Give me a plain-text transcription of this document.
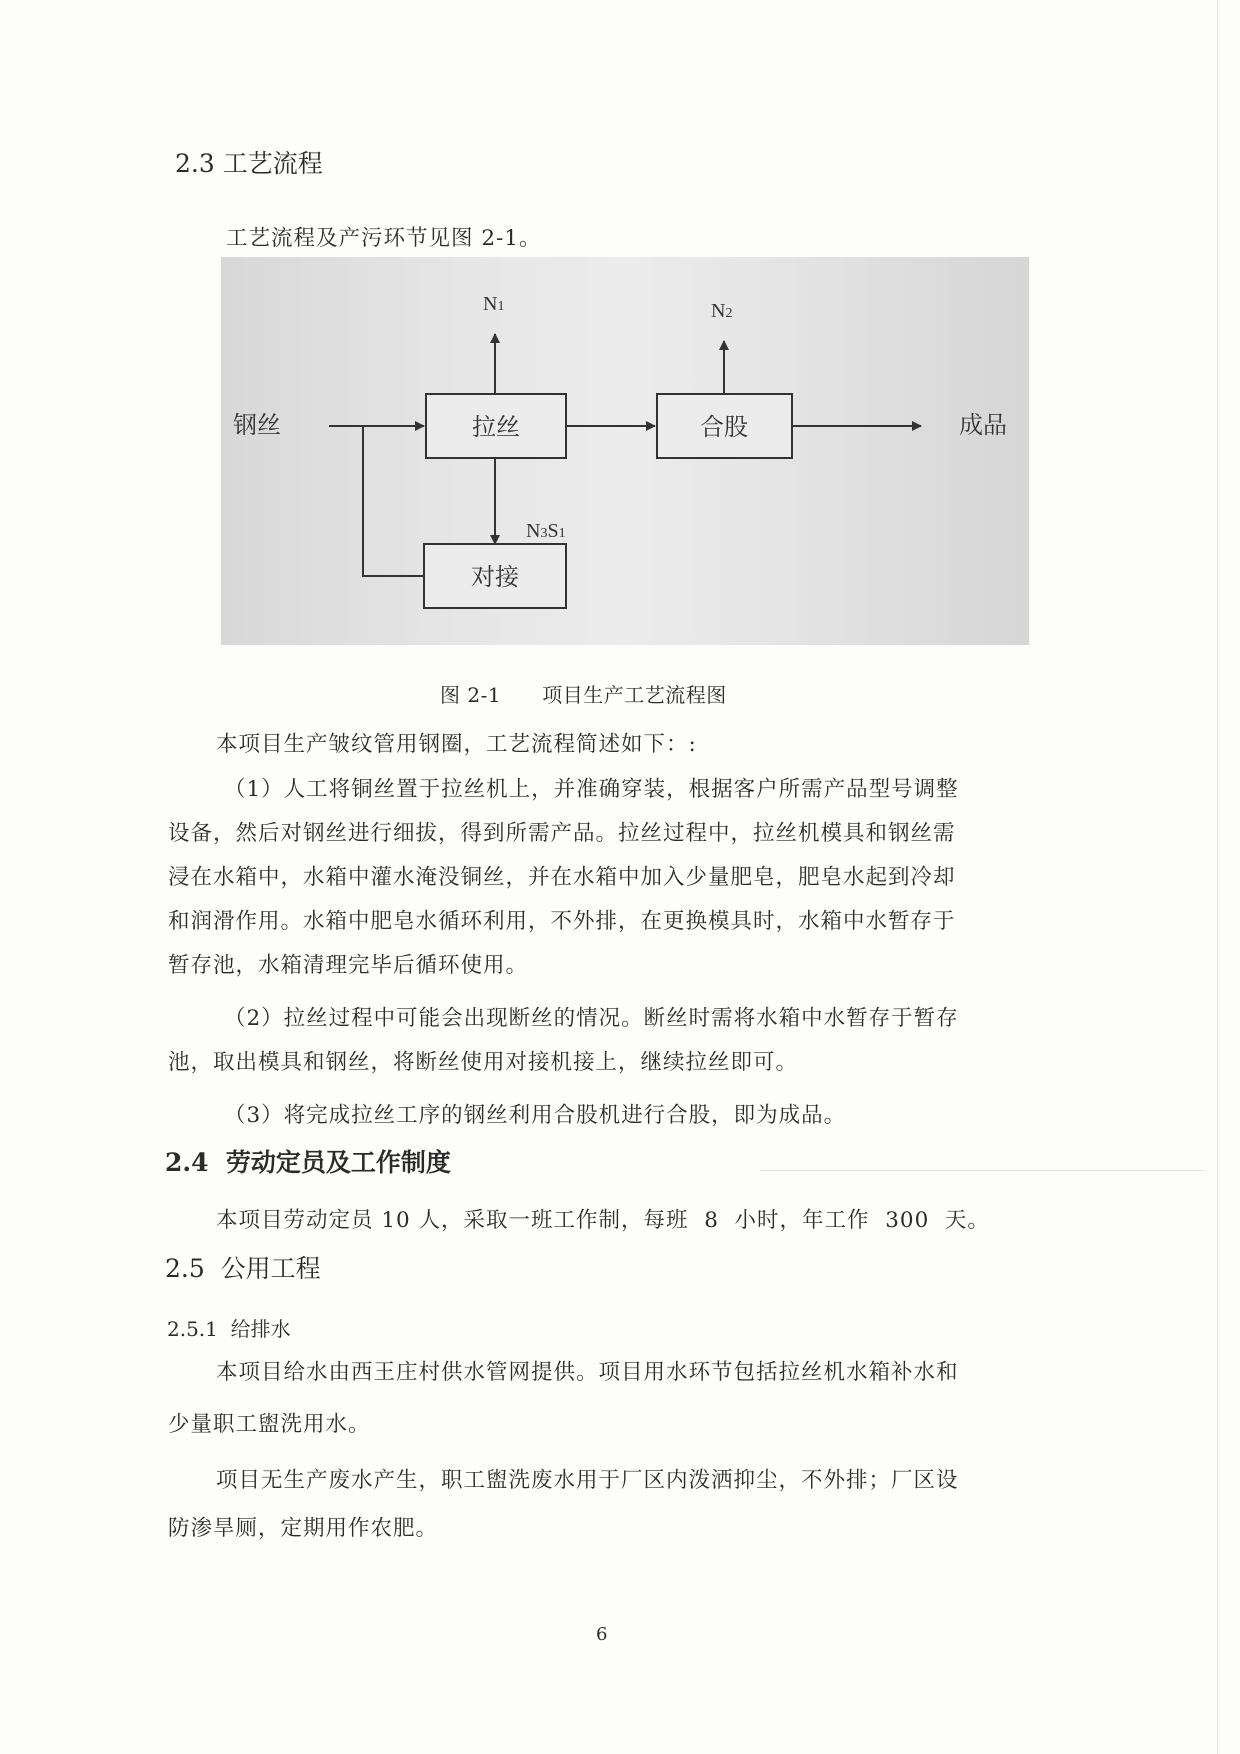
2.3 工艺流程
工艺流程及产污环节见图 2-1。
钢丝	成品
拉丝	合股
对接
N1	N2
N3S1
图 2-1      项目生产工艺流程图
本项目生产皱纹管用钢圈，工艺流程简述如下：:
（1）人工将铜丝置于拉丝机上，并准确穿装，根据客户所需产品型号调整
设备，然后对钢丝进行细拔，得到所需产品。拉丝过程中，拉丝机模具和钢丝需
浸在水箱中，水箱中灌水淹没铜丝，并在水箱中加入少量肥皂，肥皂水起到冷却
和润滑作用。水箱中肥皂水循环利用，不外排，在更换模具时，水箱中水暂存于
暂存池，水箱清理完毕后循环使用。
（2）拉丝过程中可能会出现断丝的情况。断丝时需将水箱中水暂存于暂存
池，取出模具和钢丝，将断丝使用对接机接上，继续拉丝即可。
（3）将完成拉丝工序的钢丝利用合股机进行合股，即为成品。
2.4  劳动定员及工作制度
本项目劳动定员 10 人，采取一班工作制，每班  8  小时，年工作  300  天。
2.5  公用工程
2.5.1  给排水
本项目给水由西王庄村供水管网提供。项目用水环节包括拉丝机水箱补水和
少量职工盥洗用水。
项目无生产废水产生，职工盥洗废水用于厂区内泼洒抑尘，不外排；厂区设
防渗旱厕，定期用作农肥。
6
